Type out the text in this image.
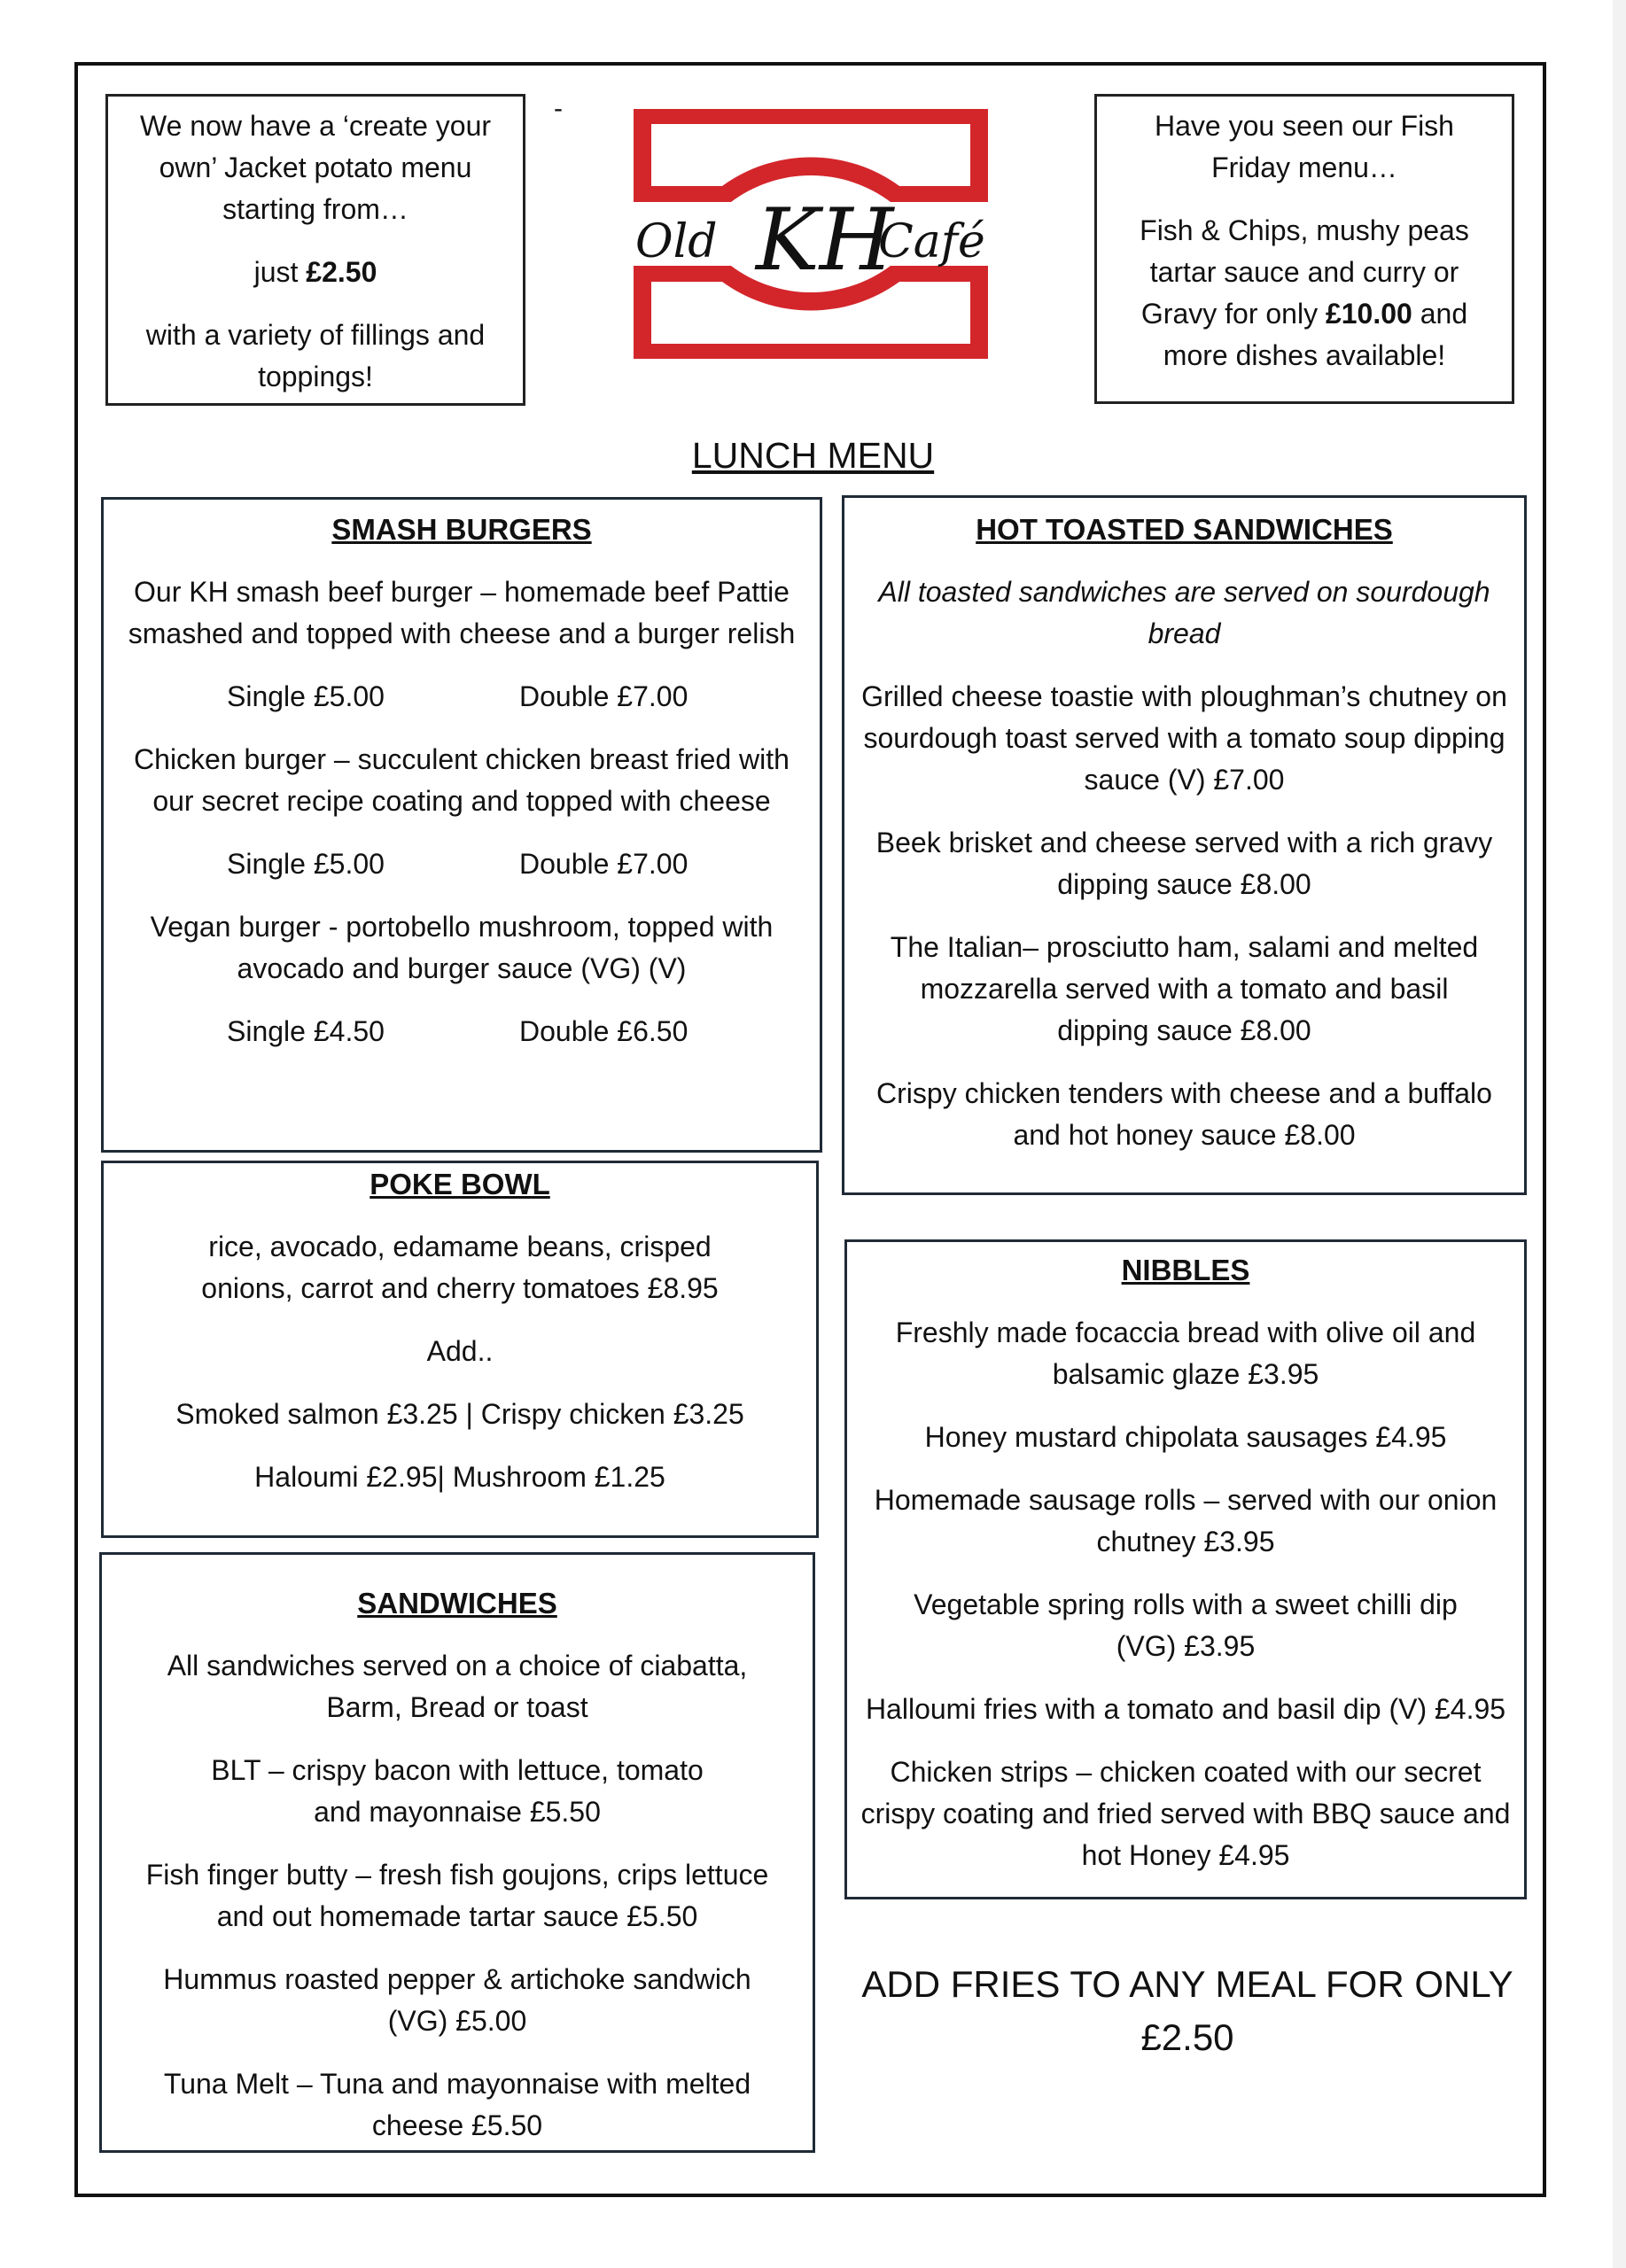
We now have a ‘create your own’ Jacket potato menu starting from…

just £2.50

with a variety of fillings and toppings!

-
Old KH
Café

Have you seen our Fish Friday menu…

Fish & Chips, mushy peas tartar sauce and curry or Gravy for only £10.00 and more dishes available!

LUNCH MENU
SMASH BURGERS

Our KH smash beef burger – homemade beef Pattie smashed and topped with cheese and a burger relish

Single £5.00	Double £7.00

Chicken burger – succulent chicken breast fried with our secret recipe coating and topped with cheese

Single £5.00	Double £7.00

Vegan burger - portobello mushroom, topped with avocado and burger sauce (VG) (V)

Single £4.50	Double £6.50
POKE BOWL

rice, avocado, edamame beans, crisped onions, carrot and cherry tomatoes £8.95

Add..

Smoked salmon £3.25 | Crispy chicken £3.25

Haloumi £2.95| Mushroom £1.25

SANDWICHES

All sandwiches served on a choice of ciabatta, Barm, Bread or toast

BLT – crispy bacon with lettuce, tomato and mayonnaise £5.50

Fish finger butty – fresh fish goujons, crips lettuce and out homemade tartar sauce £5.50

Hummus roasted pepper & artichoke sandwich (VG) £5.00

Tuna Melt – Tuna and mayonnaise with melted cheese £5.50

HOT TOASTED SANDWICHES

All toasted sandwiches are served on sourdough bread

Grilled cheese toastie with ploughman’s chutney on sourdough toast served with a tomato soup dipping sauce (V) £7.00

Beek brisket and cheese served with a rich gravy dipping sauce £8.00

The Italian– prosciutto ham, salami and melted mozzarella served with a tomato and basil dipping sauce £8.00

Crispy chicken tenders with cheese and a buffalo and hot honey sauce £8.00

NIBBLES

Freshly made focaccia bread with olive oil and balsamic glaze £3.95

Honey mustard chipolata sausages £4.95

Homemade sausage rolls – served with our onion chutney £3.95

Vegetable spring rolls with a sweet chilli dip (VG) £3.95

Halloumi fries with a tomato and basil dip (V) £4.95

Chicken strips – chicken coated with our secret crispy coating and fried served with BBQ sauce and hot Honey £4.95

ADD FRIES TO ANY MEAL FOR ONLY
£2.50
